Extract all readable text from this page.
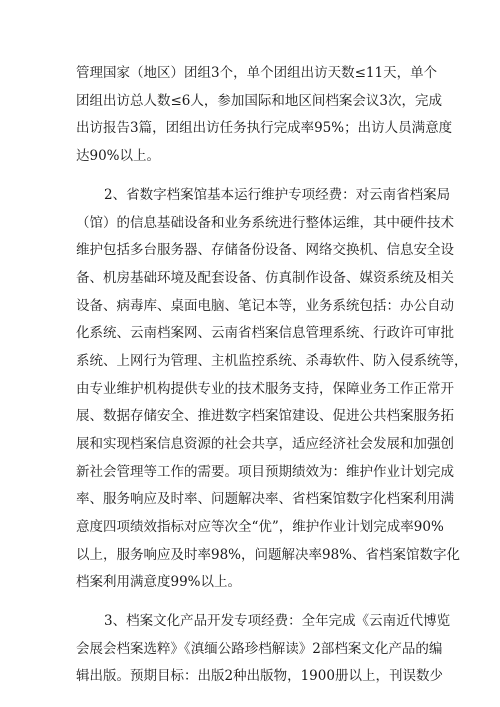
管理国家（地区）团组3个，单个团组出访天数≤11天，单个
团组出访总人数≤6人，参加国际和地区间档案会议3次，完成
出访报告3篇，团组出访任务执行完成率95%；出访人员满意度
达90%以上。
2、省数字档案馆基本运行维护专项经费：对云南省档案局
（馆）的信息基础设备和业务系统进行整体运维，其中硬件技术
维护包括多台服务器、存储备份设备、网络交换机、信息安全设
备、机房基础环境及配套设备、仿真制作设备、媒资系统及相关
设备、病毒库、桌面电脑、笔记本等，业务系统包括：办公自动
化系统、云南档案网、云南省档案信息管理系统、行政许可审批
系统、上网行为管理、主机监控系统、杀毒软件、防入侵系统等，
由专业维护机构提供专业的技术服务支持，保障业务工作正常开
展、数据存储安全、推进数字档案馆建设、促进公共档案服务拓
展和实现档案信息资源的社会共享，适应经济社会发展和加强创
新社会管理等工作的需要。项目预期绩效为：维护作业计划完成
率、服务响应及时率、问题解决率、省档案馆数字化档案利用满
意度四项绩效指标对应等次全“优”，维护作业计划完成率90%
以上，服务响应及时率98%，问题解决率98%、省档案馆数字化
档案利用满意度99%以上。
3、档案文化产品开发专项经费：全年完成《云南近代博览
会展会档案选粹》《滇缅公路珍档解读》2部档案文化产品的编
辑出版。预期目标：出版2种出版物，1900册以上，刊误数少
